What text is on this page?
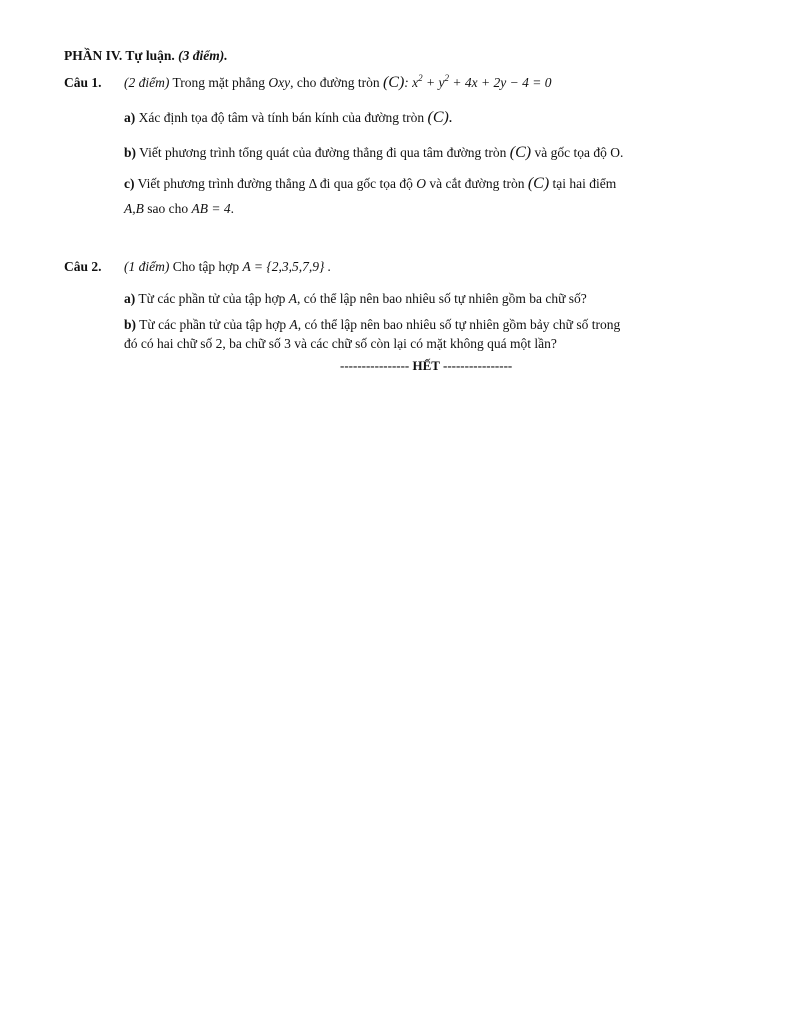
PHẦN IV. Tự luận. (3 điểm).
Câu 1. (2 điểm) Trong mặt phẳng Oxy, cho đường tròn (C): $x^2 + y^2 + 4x + 2y - 4 = 0$
a) Xác định tọa độ tâm và tính bán kính của đường tròn (C).
b) Viết phương trình tổng quát của đường thẳng đi qua tâm đường tròn (C) và gốc tọa độ O.
c) Viết phương trình đường thẳng Δ đi qua gốc tọa độ O và cắt đường tròn (C) tại hai điểm
A,B sao cho AB = 4.
Câu 2. (1 điểm) Cho tập hợp A = {2,3,5,7,9} .
a) Từ các phần tử của tập hợp A, có thể lập nên bao nhiêu số tự nhiên gồm ba chữ số?
b) Từ các phần tử của tập hợp A, có thể lập nên bao nhiêu số tự nhiên gồm bảy chữ số trong
đó có hai chữ số 2, ba chữ số 3 và các chữ số còn lại có mặt không quá một lần?
---------------- HẾT ----------------
